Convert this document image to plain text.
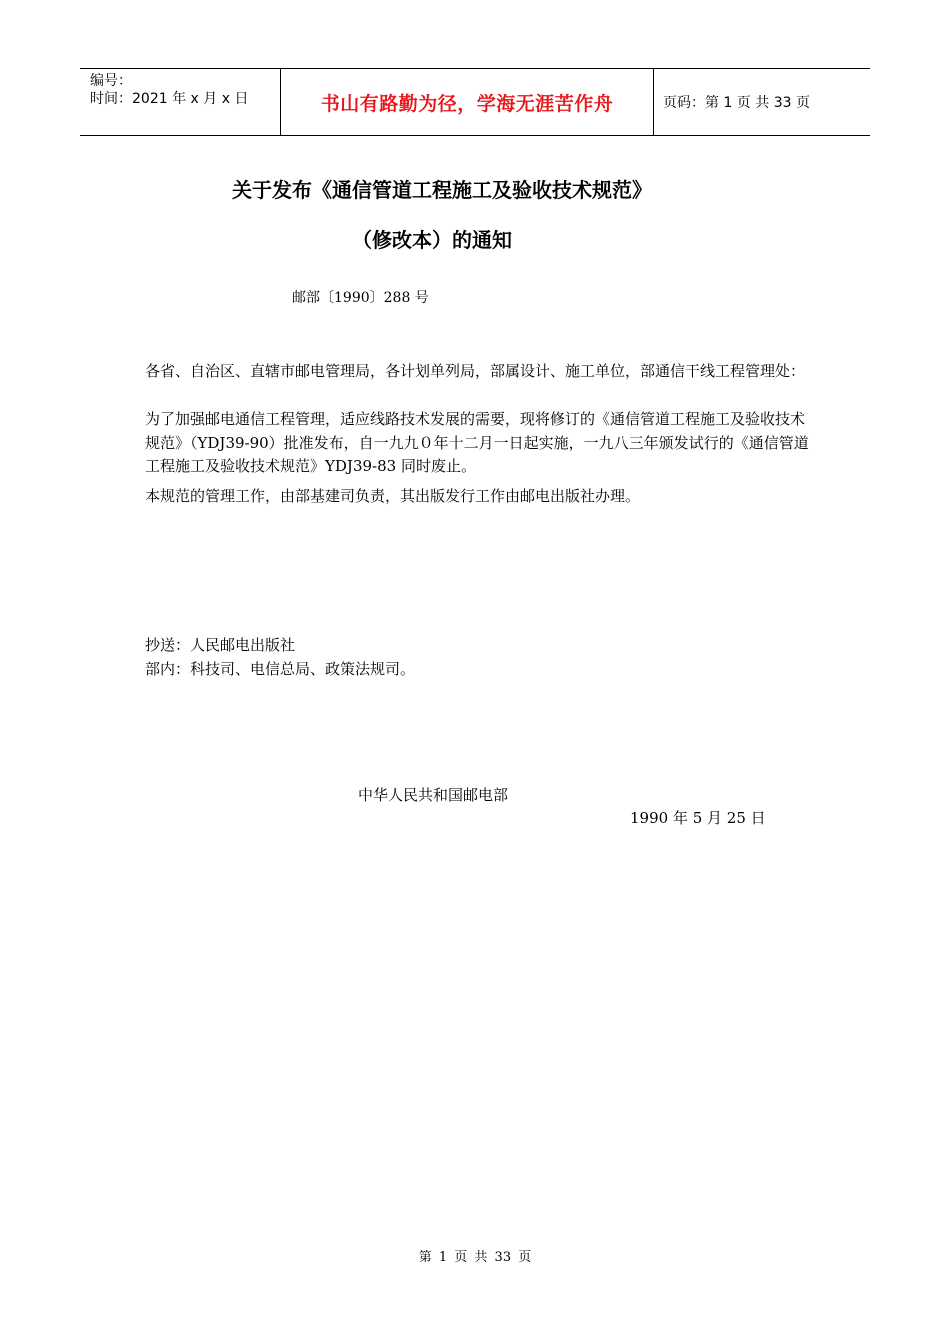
编号：
时间：2021 年 x 月 x 日	书山有路勤为径，学海无涯苦作舟	页码：第 1 页 共 33 页
关于发布《通信管道工程施工及验收技术规范》
（修改本）的通知
邮部〔1990〕288 号
各省、自治区、直辖市邮电管理局，各计划单列局，部属设计、施工单位，部通信干线工程管理处：
为了加强邮电通信工程管理，适应线路技术发展的需要，现将修订的《通信管道工程施工及验收技术规范》（YDJ39-90）批准发布，自一九九０年十二月一日起实施，一九八三年颁发试行的《通信管道工程施工及验收技术规范》YDJ39-83 同时废止。
本规范的管理工作，由部基建司负责，其出版发行工作由邮电出版社办理。
抄送：人民邮电出版社
部内：科技司、电信总局、政策法规司。
中华人民共和国邮电部
1990 年 5 月 25 日
第 1 页 共 33 页
